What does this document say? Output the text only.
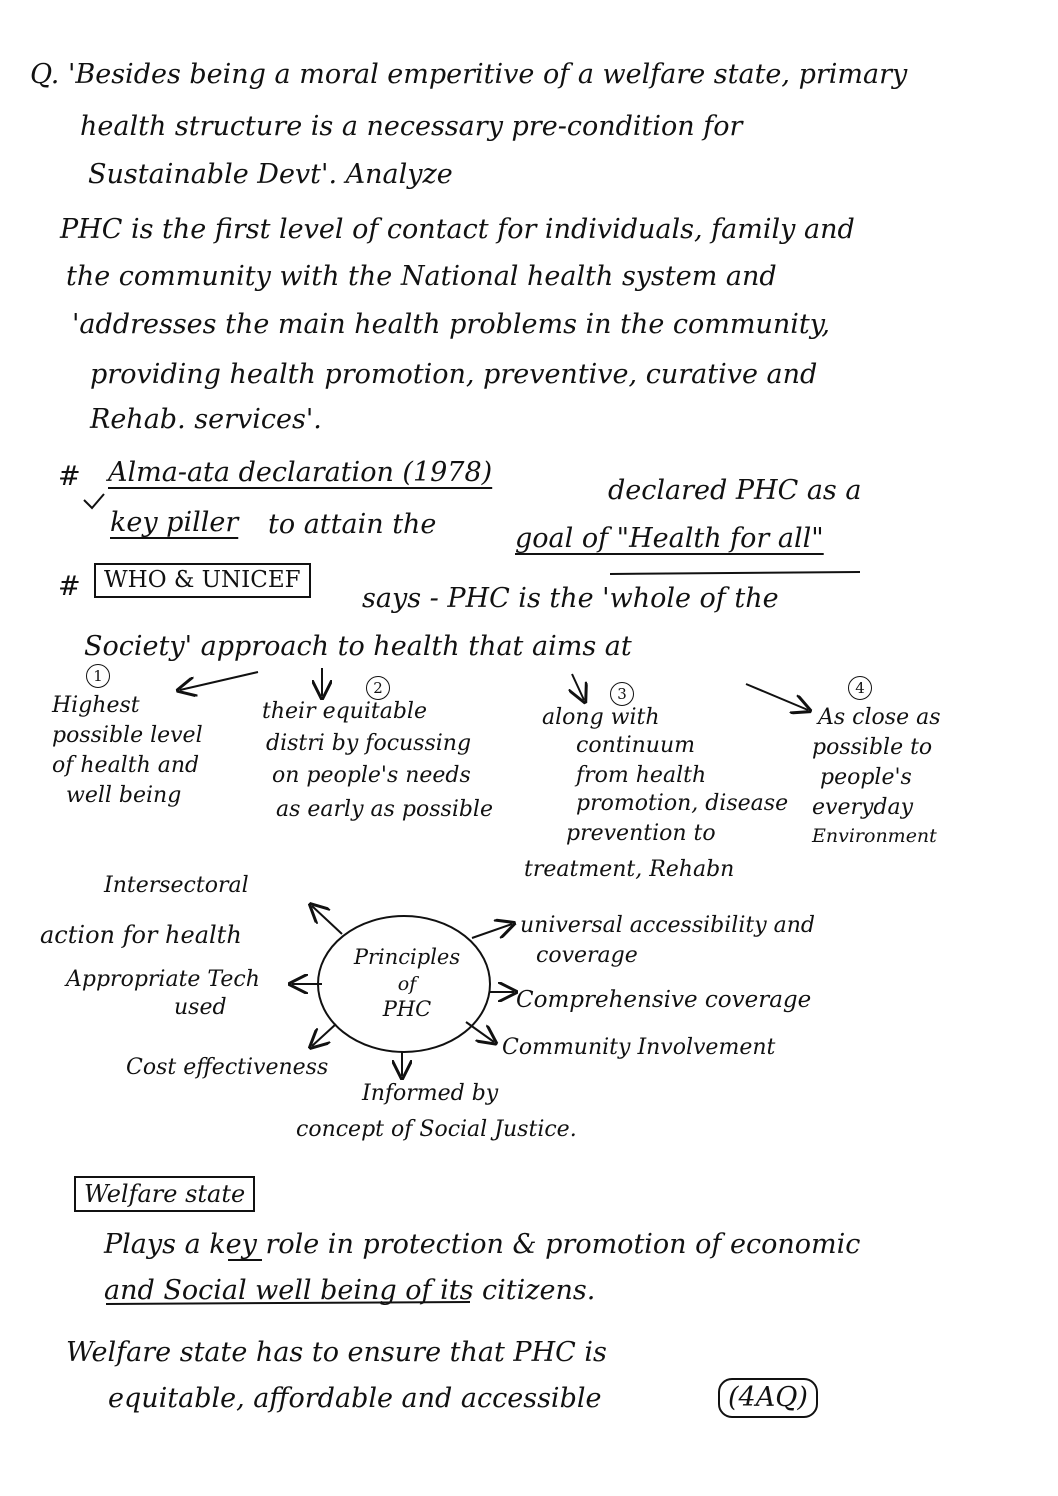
Q. 'Besides being a moral emperitive of a welfare state, primary
health structure is a necessary pre-condition for
Sustainable Devt'. Analyze
PHC is the first level of contact for individuals, family and
the community with the National health system and
'addresses the main health problems in the community,
providing health promotion, preventive, curative and
Rehab. services'.
# Alma-ata declaration (1978)
declared PHC as a
key piller to attain the	goal of "Health for all"
#	WHO & UNICEF
says - PHC is the 'whole of the
Society' approach to health that aims at
1
2	3	4
Highest
possible level
of health and
well being
their equitable
distri by focussing
on people's needs
as early as possible
along with
continuum
from health
promotion, disease
prevention to
treatment, Rehabn
As close as
possible to
people's
everyday
Environment
Principles
of
PHC
Intersectoral
action for health
Appropriate Tech
used
Cost effectiveness
Informed by
concept of Social Justice.
universal accessibility and
coverage
Comprehensive coverage
Community Involvement
Welfare state
Plays a key role in protection & promotion of economic
and Social well being of its citizens.
Welfare state has to ensure that PHC is
equitable, affordable and accessible	(4AQ)
